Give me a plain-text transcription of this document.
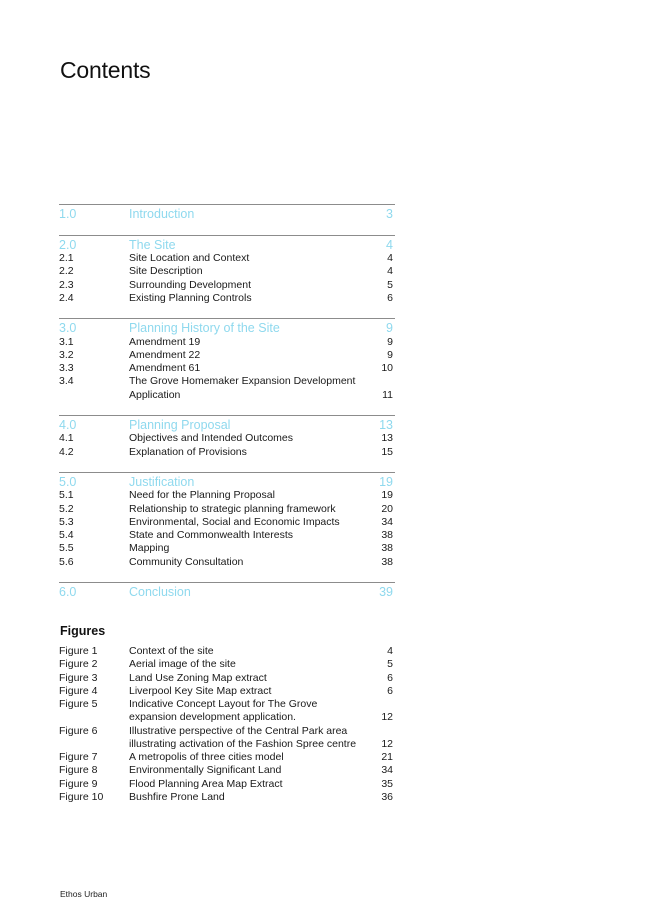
Contents
1.0	Introduction	3
2.0	The Site	4
2.1	Site Location and Context	4
2.2	Site Description	4
2.3	Surrounding Development	5
2.4	Existing Planning Controls	6
3.0	Planning History of the Site	9
3.1	Amendment 19	9
3.2	Amendment 22	9
3.3	Amendment 61	10
3.4	The Grove Homemaker Expansion Development Application	11
4.0	Planning Proposal	13
4.1	Objectives and Intended Outcomes	13
4.2	Explanation of Provisions	15
5.0	Justification	19
5.1	Need for the Planning Proposal	19
5.2	Relationship to strategic planning framework	20
5.3	Environmental, Social and Economic Impacts	34
5.4	State and Commonwealth Interests	38
5.5	Mapping	38
5.6	Community Consultation	38
6.0	Conclusion	39
Figures
Figure 1	Context of the site	4
Figure 2	Aerial image of the site	5
Figure 3	Land Use Zoning Map extract	6
Figure 4	Liverpool Key Site Map extract	6
Figure 5	Indicative Concept Layout for The Grove expansion development application.	12
Figure 6	Illustrative perspective of the Central Park area illustrating activation of the Fashion Spree centre	12
Figure 7	A metropolis of three cities model	21
Figure 8	Environmentally Significant Land	34
Figure 9	Flood Planning Area Map Extract	35
Figure 10	Bushfire Prone Land	36
Ethos Urban
